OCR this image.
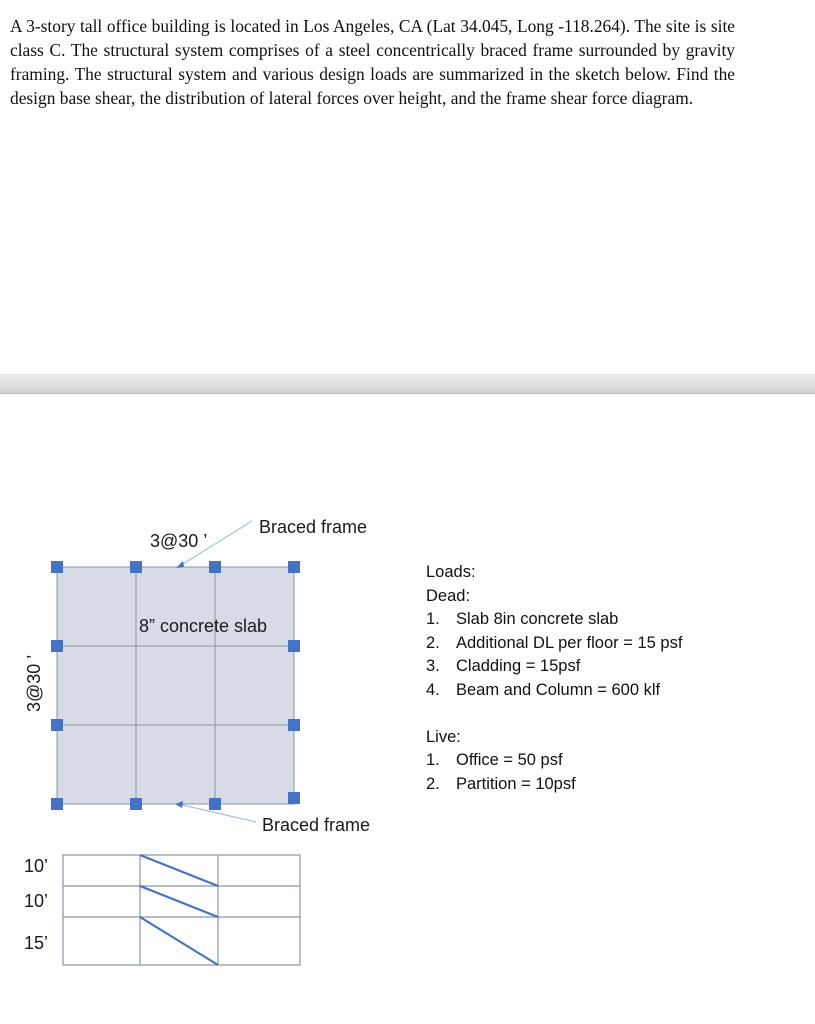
A 3-story tall office building is located in Los Angeles, CA (Lat 34.045, Long -118.264). The site is site class C. The structural system comprises of a steel concentrically braced frame surrounded by gravity framing. The structural system and various design loads are summarized in the sketch below. Find the design base shear, the distribution of lateral forces over height, and the frame shear force diagram.

3@30 ’
3@30 ’
8” concrete slab
Braced frame
Braced frame
10’
10’
15’
Loads:
Dead:
1. Slab 8in concrete slab
2. Additional DL per floor = 15 psf
3. Cladding = 15psf
4. Beam and Column = 600 klf
Live:
1. Office = 50 psf
2. Partition = 10psf
